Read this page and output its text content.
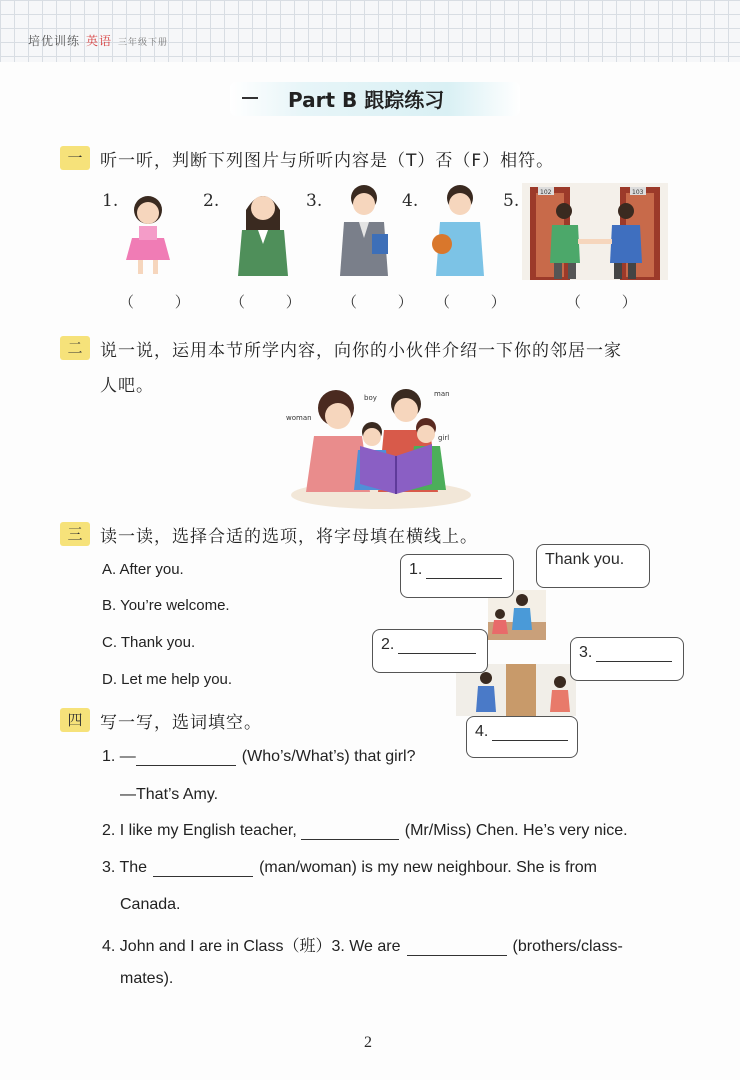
培优训练 英语 三年级下册
Part B 跟踪练习
一	听一听，判断下列图片与所听内容是（T）否（F）相符。
1.	2.	3.	4.	5.	102	103
（ ） （ ） （ ） （ ）	（ ）
二	说一说，运用本节所学内容，向你的小伙伴介绍一下你的邻居一家
人吧。
boy	man
woman
girl
三	读一读，选择合适的选项，将字母填在横线上。
A. After you.
B. You’re welcome.
C. Thank you.
D. Let me help you.
1.
Thank you.
2.	3.
4.
四	写一写，选词填空。
1. —	(Who’s/What’s) that girl?
—That’s Amy.
2. I like my English teacher,	(Mr/Miss) Chen. He’s very nice.
3. The	(man/woman) is my new neighbour. She is from
Canada.
4. John and I are in Class（班）3. We are	(brothers/class-
mates).
2
